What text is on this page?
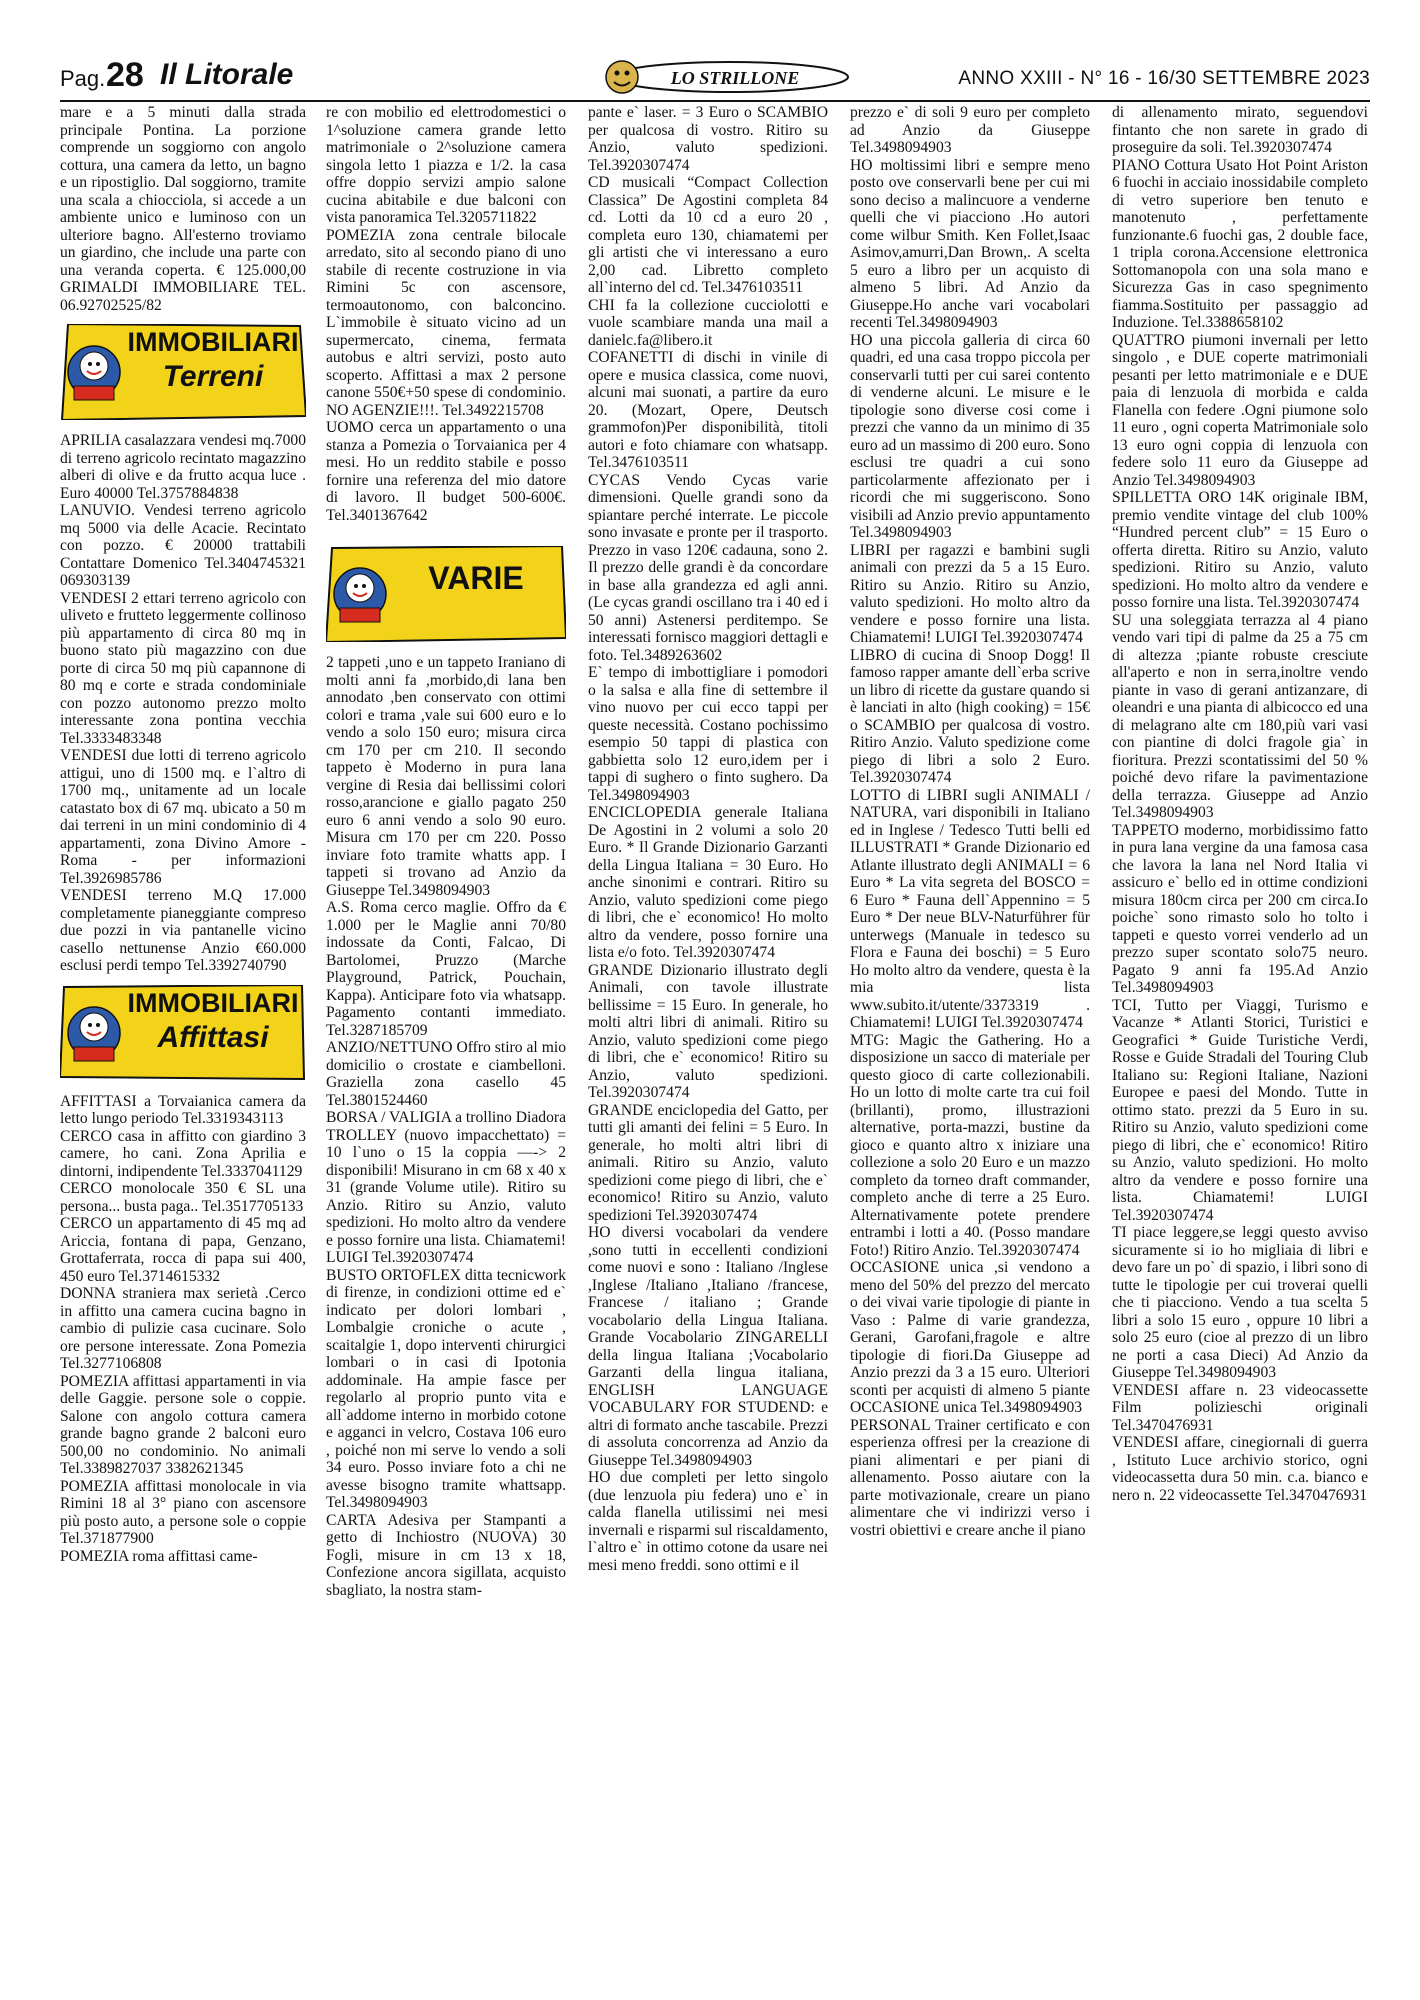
Pag. 28 Il Litorale	LO STRILLONE	ANNO XXIII - N° 16 - 16/30 SETTEMBRE 2023

mare e a 5 minuti dalla strada principale Pontina. La porzione comprende un soggiorno con angolo cottura, una camera da letto, un bagno e un ripostiglio. Dal soggiorno, tramite una scala a chiocciola, si accede a un ambiente unico e luminoso con un ulteriore bagno. All'esterno troviamo un giardino, che include una parte con una veranda coperta. € 125.000,00 GRIMALDI IMMOBILIARE TEL. 06.92702525/82

IMMOBILIARI
Terreni

APRILIA casalazzara vendesi mq.7000 di terreno agricolo recintato magazzino alberi di olive e da frutto acqua luce . Euro 40000 Tel.3757884838

LANUVIO. Vendesi terreno agricolo mq 5000 via delle Acacie. Recintato con pozzo. € 20000 trattabili Contattare Domenico Tel.3404745321 069303139

VENDESI 2 ettari terreno agricolo con uliveto e frutteto leggermente collinoso più appartamento di circa 80 mq in buono stato più magazzino con due porte di circa 50 mq più capannone di 80 mq e corte e strada condominiale con pozzo autonomo prezzo molto interessante zona pontina vecchia Tel.3333483348

VENDESI due lotti di terreno agricolo attigui, uno di 1500 mq. e l`altro di 1700 mq., unitamente ad un locale catastato box di 67 mq. ubicato a 50 m dai terreni in un mini condominio di 4 appartamenti, zona Divino Amore - Roma - per informazioni Tel.3926985786

VENDESI terreno M.Q 17.000 completamente pianeggiante compreso due pozzi in via pantanelle vicino casello nettunense Anzio €60.000 esclusi perdi tempo Tel.3392740790

IMMOBILIARI
Affittasi

AFFITTASI a Torvaianica camera da letto lungo periodo Tel.3319343113

CERCO casa in affitto con giardino 3 camere, ho cani. Zona Aprilia e dintorni, indipendente Tel.3337041129

CERCO monolocale 350 € SL una persona... busta paga.. Tel.3517705133

CERCO un appartamento di 45 mq ad Ariccia, fontana di papa, Genzano, Grottaferrata, rocca di papa sui 400, 450 euro Tel.3714615332

DONNA straniera max serietà .Cerco in affitto una camera cucina bagno in cambio di pulizie casa cucinare. Solo ore persone interessate. Zona Pomezia Tel.3277106808

POMEZIA affittasi appartamenti in via delle Gaggie. persone sole o coppie. Salone con angolo cottura camera grande bagno grande 2 balconi euro 500,00 no condominio. No animali Tel.3389827037 3382621345

POMEZIA affittasi monolocale in via Rimini 18 al 3° piano con ascensore più posto auto, a persone sole o coppie Tel.371877900

POMEZIA roma affittasi came-

re con mobilio ed elettrodomestici o 1^soluzione camera grande letto matrimoniale o 2^soluzione camera singola letto 1 piazza e 1/2. la casa offre doppio servizi ampio salone cucina abitabile e due balconi con vista panoramica Tel.3205711822

POMEZIA zona centrale bilocale arredato, sito al secondo piano di uno stabile di recente costruzione in via Rimini 5c con ascensore, termoautonomo, con balconcino. L`immobile è situato vicino ad un supermercato, cinema, fermata autobus e altri servizi, posto auto scoperto. Affittasi a max 2 persone canone 550€+50 spese di condominio. NO AGENZIE!!!. Tel.3492215708

UOMO cerca un appartamento o una stanza a Pomezia o Torvaianica per 4 mesi. Ho un reddito stabile e posso fornire una referenza del mio datore di lavoro. Il budget 500-600€. Tel.3401367642

VARIE

2 tappeti ,uno e un tappeto Iraniano di molti anni fa ,morbido,di lana ben annodato ,ben conservato con ottimi colori e trama ,vale sui 600 euro e lo vendo a solo 150 euro; misura circa cm 170 per cm 210. Il secondo tappeto è Moderno in pura lana vergine di Resia dai bellissimi colori rosso,arancione e giallo pagato 250 euro 6 anni vendo a solo 90 euro. Misura cm 170 per cm 220. Posso inviare foto tramite whatts app. I tappeti si trovano ad Anzio da Giuseppe Tel.3498094903

A.S. Roma cerco maglie. Offro da € 1.000 per le Maglie anni 70/80 indossate da Conti, Falcao, Di Bartolomei, Pruzzo (Marche Playground, Patrick, Pouchain, Kappa). Anticipare foto via whatsapp. Pagamento contanti immediato. Tel.3287185709

ANZIO/NETTUNO Offro stiro al mio domicilio o crostate e ciambelloni. Graziella zona casello 45 Tel.3801524460

BORSA / VALIGIA a trollino Diadora TROLLEY (nuovo impacchettato) = 10 l`uno o 15 la coppia —-> 2 disponibili! Misurano in cm 68 x 40 x 31 (grande Volume utile). Ritiro su Anzio. Ritiro su Anzio, valuto spedizioni. Ho molto altro da vendere e posso fornire una lista. Chiamatemi! LUIGI Tel.3920307474

BUSTO ORTOFLEX ditta tecnicwork di firenze, in condizioni ottime ed e` indicato per dolori lombari , Lombalgie croniche o acute , scaitalgie 1, dopo interventi chirurgici lombari o in casi di Ipotonia addominale. Ha ampie fasce per regolarlo al proprio punto vita e all`addome interno in morbido cotone e agganci in velcro, Costava 106 euro , poiché non mi serve lo vendo a soli 34 euro. Posso inviare foto a chi ne avesse bisogno tramite whattsapp. Tel.3498094903

CARTA Adesiva per Stampanti a getto di Inchiostro (NUOVA) 30 Fogli, misure in cm 13 x 18, Confezione ancora sigillata, acquisto sbagliato, la nostra stam-

pante e` laser. = 3 Euro o SCAMBIO per qualcosa di vostro. Ritiro su Anzio, valuto spedizioni. Tel.3920307474

CD musicali “Compact Collection Classica” De Agostini completa 84 cd. Lotti da 10 cd a euro 20 , completa euro 130, chiamatemi per gli artisti che vi interessano a euro 2,00 cad. Libretto completo all`interno del cd. Tel.3476103511

CHI fa la collezione cucciolotti e vuole scambiare manda una mail a danielc.fa@libero.it

COFANETTI di dischi in vinile di opere e musica classica, come nuovi, alcuni mai suonati, a partire da euro 20. (Mozart, Opere, Deutsch grammofon)Per disponibilità, titoli autori e foto chiamare con whatsapp. Tel.3476103511

CYCAS Vendo Cycas varie dimensioni. Quelle grandi sono da spiantare perché interrate. Le piccole sono invasate e pronte per il trasporto. Prezzo in vaso 120€ cadauna, sono 2. Il prezzo delle grandi è da concordare in base alla grandezza ed agli anni. (Le cycas grandi oscillano tra i 40 ed i 50 anni) Astenersi perditempo. Se interessati fornisco maggiori dettagli e foto. Tel.3489263602

E` tempo di imbottigliare i pomodori o la salsa e alla fine di settembre il vino nuovo per cui ecco tappi per queste necessità. Costano pochissimo esempio 50 tappi di plastica con gabbietta solo 12 euro,idem per i tappi di sughero o finto sughero. Da Tel.3498094903

ENCICLOPEDIA generale Italiana De Agostini in 2 volumi a solo 20 Euro. * Il Grande Dizionario Garzanti della Lingua Italiana = 30 Euro. Ho anche sinonimi e contrari. Ritiro su Anzio, valuto spedizioni come piego di libri, che e` economico! Ho molto altro da vendere, posso fornire una lista e/o foto. Tel.3920307474

GRANDE Dizionario illustrato degli Animali, con tavole illustrate bellissime = 15 Euro. In generale, ho molti altri libri di animali. Ritiro su Anzio, valuto spedizioni come piego di libri, che e` economico! Ritiro su Anzio, valuto spedizioni. Tel.3920307474

GRANDE enciclopedia del Gatto, per tutti gli amanti dei felini = 5 Euro. In generale, ho molti altri libri di animali. Ritiro su Anzio, valuto spedizioni come piego di libri, che e` economico! Ritiro su Anzio, valuto spedizioni Tel.3920307474

HO diversi vocabolari da vendere ,sono tutti in eccellenti condizioni come nuovi e sono : Italiano /Inglese ,Inglese /Italiano ,Italiano /francese, Francese / italiano ; Grande vocabolario della Lingua Italiana. Grande Vocabolario ZINGARELLI della lingua Italiana ;Vocabolario Garzanti della lingua italiana, ENGLISH LANGUAGE VOCABULARY FOR STUDEND: e altri di formato anche tascabile. Prezzi di assoluta concorrenza ad Anzio da Giuseppe Tel.3498094903

HO due completi per letto singolo (due lenzuola piu federa) uno e` in calda flanella utilissimi nei mesi invernali e risparmi sul riscaldamento, l`altro e` in ottimo cotone da usare nei mesi meno freddi. sono ottimi e il

prezzo e` di soli 9 euro per completo ad Anzio da Giuseppe Tel.3498094903

HO moltissimi libri e sempre meno posto ove conservarli bene per cui mi sono deciso a malincuore a venderne quelli che vi piacciono .Ho autori come wilbur Smith. Ken Follet,Isaac Asimov,amurri,Dan Brown,. A scelta 5 euro a libro per un acquisto di almeno 5 libri. Ad Anzio da Giuseppe.Ho anche vari vocabolari recenti Tel.3498094903

HO una piccola galleria di circa 60 quadri, ed una casa troppo piccola per conservarli tutti per cui sarei contento di venderne alcuni. Le misure e le tipologie sono diverse cosi come i prezzi che vanno da un minimo di 35 euro ad un massimo di 200 euro. Sono esclusi tre quadri a cui sono particolarmente affezionato per i ricordi che mi suggeriscono. Sono visibili ad Anzio previo appuntamento Tel.3498094903

LIBRI per ragazzi e bambini sugli animali con prezzi da 5 a 15 Euro. Ritiro su Anzio. Ritiro su Anzio, valuto spedizioni. Ho molto altro da vendere e posso fornire una lista. Chiamatemi! LUIGI Tel.3920307474

LIBRO di cucina di Snoop Dogg! Il famoso rapper amante dell`erba scrive un libro di ricette da gustare quando si è lanciati in alto (high cooking) = 15€ o SCAMBIO per qualcosa di vostro. Ritiro Anzio. Valuto spedizione come piego di libri a solo 2 Euro. Tel.3920307474

LOTTO di LIBRI sugli ANIMALI / NATURA, vari disponibili in Italiano ed in Inglese / Tedesco Tutti belli ed ILLUSTRATI * Grande Dizionario ed Atlante illustrato degli ANIMALI = 6 Euro * La vita segreta del BOSCO = 6 Euro * Fauna dell`Appennino = 5 Euro * Der neue BLV-Naturführer für unterwegs (Manuale in tedesco su Flora e Fauna dei boschi) = 5 Euro Ho molto altro da vendere, questa è la mia lista www.subito.it/utente/3373319 . Chiamatemi! LUIGI Tel.3920307474

MTG: Magic the Gathering. Ho a disposizione un sacco di materiale per questo gioco di carte collezionabili. Ho un lotto di molte carte tra cui foil (brillanti), promo, illustrazioni alternative, porta-mazzi, bustine da gioco e quanto altro x iniziare una collezione a solo 20 Euro e un mazzo completo da torneo draft commander, completo anche di terre a 25 Euro. Alternativamente potete prendere entrambi i lotti a 40. (Posso mandare Foto!) Ritiro Anzio. Tel.3920307474

OCCASIONE unica ,si vendono a meno del 50% del prezzo del mercato o dei vivai varie tipologie di piante in Vaso : Palme di varie grandezza, Gerani, Garofani,fragole e altre tipologie di fiori.Da Giuseppe ad Anzio prezzi da 3 a 15 euro. Ulteriori sconti per acquisti di almeno 5 piante OCCASIONE unica Tel.3498094903

PERSONAL Trainer certificato e con esperienza offresi per la creazione di piani alimentari e per piani di allenamento. Posso aiutare con la parte motivazionale, creare un piano alimentare che vi indirizzi verso i vostri obiettivi e creare anche il piano

di allenamento mirato, seguendovi fintanto che non sarete in grado di proseguire da soli. Tel.3920307474

PIANO Cottura Usato Hot Point Ariston 6 fuochi in acciaio inossidabile completo di vetro superiore ben tenuto e manotenuto , perfettamente funzionante.6 fuochi gas, 2 double face, 1 tripla corona.Accensione elettronica Sottomanopola con una sola mano e Sicurezza Gas in caso spegnimento fiamma.Sostituito per passaggio ad Induzione. Tel.3388658102

QUATTRO piumoni invernali per letto singolo , e DUE coperte matrimoniali pesanti per letto matrimoniale e e DUE paia di lenzuola di morbida e calda Flanella con federe .Ogni piumone solo 11 euro , ogni coperta Matrimoniale solo 13 euro ogni coppia di lenzuola con federe solo 11 euro da Giuseppe ad Anzio Tel.3498094903

SPILLETTA ORO 14K originale IBM, premio vendite vintage del club 100% “Hundred percent club” = 15 Euro o offerta diretta. Ritiro su Anzio, valuto spedizioni. Ritiro su Anzio, valuto spedizioni. Ho molto altro da vendere e posso fornire una lista. Tel.3920307474

SU una soleggiata terrazza al 4 piano vendo vari tipi di palme da 25 a 75 cm di altezza ;piante robuste cresciute all'aperto e non in serra,inoltre vendo piante in vaso di gerani antizanzare, di oleandri e una pianta di albicocco ed una di melagrano alte cm 180,più vari vasi con piantine di dolci fragole gia` in fioritura. Prezzi scontatissimi del 50 % poiché devo rifare la pavimentazione della terrazza. Giuseppe ad Anzio Tel.3498094903

TAPPETO moderno, morbidissimo fatto in pura lana vergine da una famosa casa che lavora la lana nel Nord Italia vi assicuro e` bello ed in ottime condizioni misura 180cm circa per 200 cm circa.Io poiche` sono rimasto solo ho tolto i tappeti e questo vorrei venderlo ad un prezzo super scontato solo75 neuro. Pagato 9 anni fa 195.Ad Anzio Tel.3498094903

TCI, Tutto per Viaggi, Turismo e Vacanze * Atlanti Storici, Turistici e Geografici * Guide Turistiche Verdi, Rosse e Guide Stradali del Touring Club Italiano su: Regioni Italiane, Nazioni Europee e paesi del Mondo. Tutte in ottimo stato. prezzi da 5 Euro in su. Ritiro su Anzio, valuto spedizioni come piego di libri, che e` economico! Ritiro su Anzio, valuto spedizioni. Ho molto altro da vendere e posso fornire una lista. Chiamatemi! LUIGI Tel.3920307474

TI piace leggere,se leggi questo avviso sicuramente si io ho migliaia di libri e devo fare un po` di spazio, i libri sono di tutte le tipologie per cui troverai quelli che ti piacciono. Vendo a tua scelta 5 libri a solo 15 euro , oppure 10 libri a solo 25 euro (cioe al prezzo di un libro ne porti a casa Dieci) Ad Anzio da Giuseppe Tel.3498094903

VENDESI affare n. 23 videocassette Film polizieschi originali Tel.3470476931

VENDESI affare, cinegiornali di guerra , Istituto Luce archivio storico, ogni videocassetta dura 50 min. c.a. bianco e nero n. 22 videocassette Tel.3470476931
